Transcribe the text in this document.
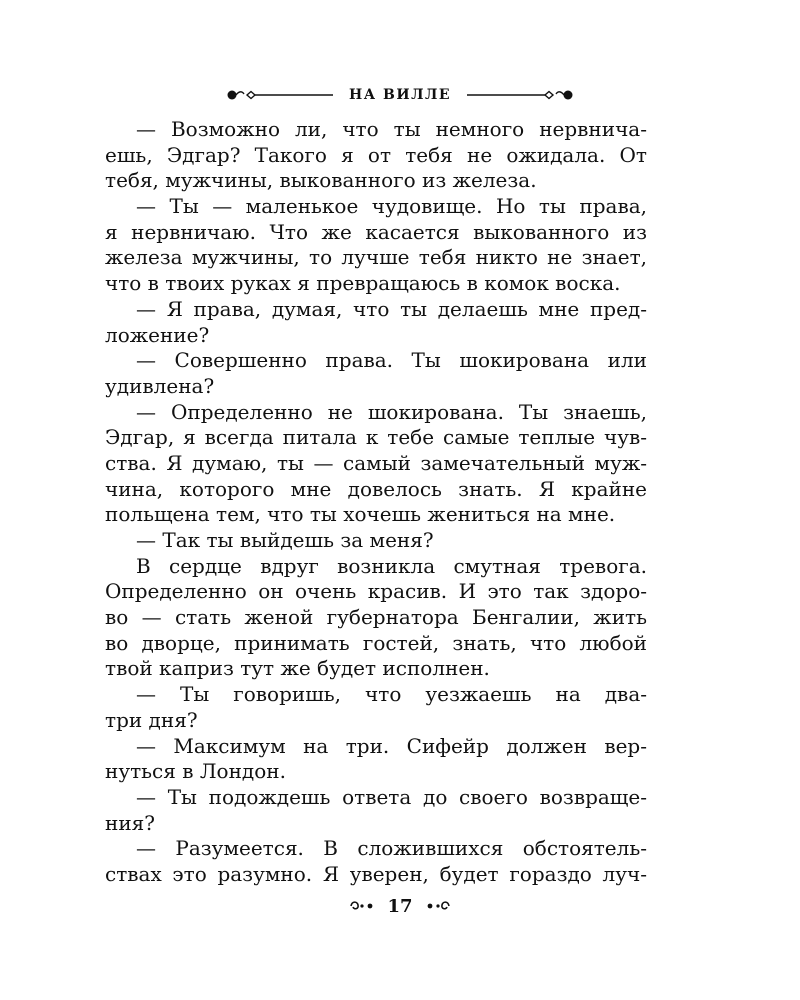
НА ВИЛЛЕ
— Возможно ли, что ты немного нервнича-
ешь, Эдгар? Такого я от тебя не ожидала. От
тебя, мужчины, выкованного из железа.
— Ты — маленькое чудовище. Но ты права,
я нервничаю. Что же касается выкованного из
железа мужчины, то лучше тебя никто не знает,
что в твоих руках я превращаюсь в комок воска.
— Я права, думая, что ты делаешь мне пред-
ложение?
— Совершенно права. Ты шокирована или
удивлена?
— Определенно не шокирована. Ты знаешь,
Эдгар, я всегда питала к тебе самые теплые чув-
ства. Я думаю, ты — самый замечательный муж-
чина, которого мне довелось знать. Я крайне
польщена тем, что ты хочешь жениться на мне.
— Так ты выйдешь за меня?
В сердце вдруг возникла смутная тревога.
Определенно он очень красив. И это так здоро-
во — стать женой губернатора Бенгалии, жить
во дворце, принимать гостей, знать, что любой
твой каприз тут же будет исполнен.
— Ты говоришь, что уезжаешь на два-
три дня?
— Максимум на три. Сифейр должен вер-
нуться в Лондон.
— Ты подождешь ответа до своего возвраще-
ния?
— Разумеется. В сложившихся обстоятель-
ствах это разумно. Я уверен, будет гораздо луч-
17
